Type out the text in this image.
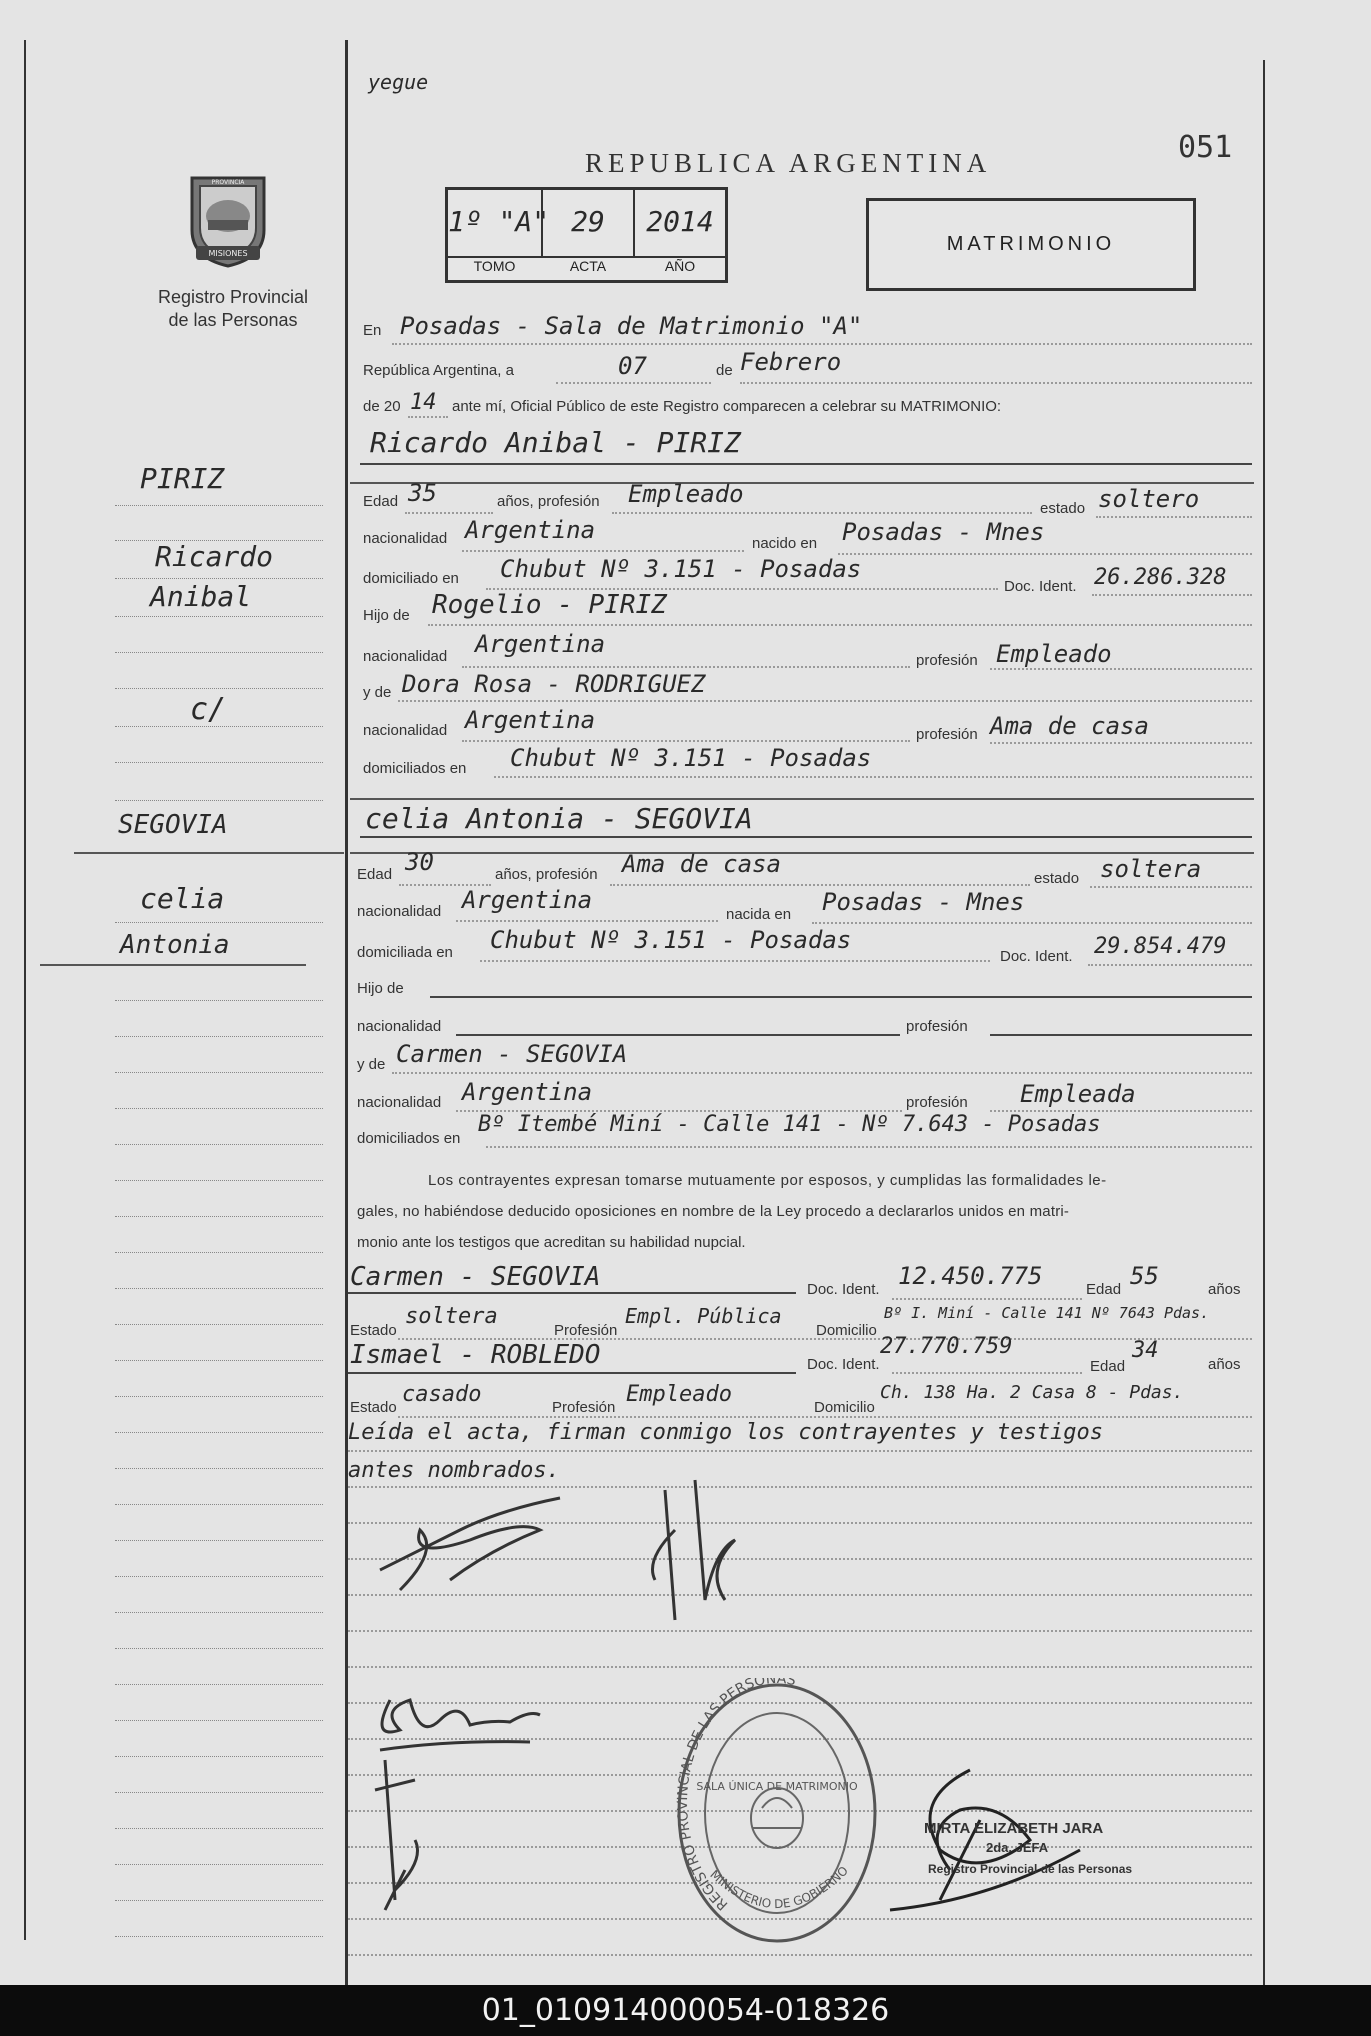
yegue
REPUBLICA ARGENTINA	051
MISIONES
PROVINCIA
Registro Provincial
de las Personas
1º "A" 29	2014
TOMO	ACTA	AÑO
MATRIMONIO
En Posadas - Sala de Matrimonio "A"
República Argentina, a	07	de Febrero
de 20 14 ante mí, Oficial Público de este Registro comparecen a celebrar su MATRIMONIO:
Ricardo Anibal - PIRIZ
Edad 35	años, profesión Empleado
estado soltero
nacionalidad Argentina	nacido en Posadas - Mnes
domiciliado en Chubut Nº 3.151 - Posadas
Doc. Ident. 26.286.328
Hijo de Rogelio - PIRIZ
nacionalidad Argentina
profesión Empleado
y de Dora Rosa - RODRIGUEZ
nacionalidad Argentina
profesión Ama de casa
domiciliados en Chubut Nº 3.151 - Posadas
celia Antonia - SEGOVIA
Edad 30	años, profesión Ama de casa
estado soltera
nacionalidad Argentina
nacida en Posadas - Mnes
domiciliada en Chubut Nº 3.151 - Posadas
Doc. Ident. 29.854.479
Hijo de
nacionalidad	profesión
y de Carmen - SEGOVIA
nacionalidad Argentina	profesión Empleada
domiciliados en
Bº Itembé Miní - Calle 141 - Nº 7.643 - Posadas
Los contrayentes expresan tomarse mutuamente por esposos, y cumplidas las formalidades le-
gales, no habiéndose deducido oposiciones en nombre de la Ley procedo a declararlos unidos en matri-
monio ante los testigos que acreditan su habilidad nupcial.
Carmen - SEGOVIA	Doc. Ident. 12.450.775	Edad 55	años
Estado
soltera
Profesión
Empl. Pública
Domicilio
Bº I. Miní - Calle 141 Nº 7643 Pdas.
Ismael - ROBLEDO	Doc. Ident.
27.770.759
Edad
34
años
Estado
casado
Profesión
Empleado
Domicilio
Ch. 138 Ha. 2 Casa 8 - Pdas.
Leída el acta, firman conmigo los contrayentes y testigos
antes nombrados.
REGISTRO PROVINCIAL DE LAS PERSONAS
SALA ÚNICA DE MATRIMONIO
MINISTERIO DE GOBIERNO
MIRTA ELIZABETH JARA
2da. JEFA
Registro Provincial de las Personas
PIRIZ
Ricardo
Anibal
c/
SEGOVIA
celia
Antonia
01_010914000054-018326
